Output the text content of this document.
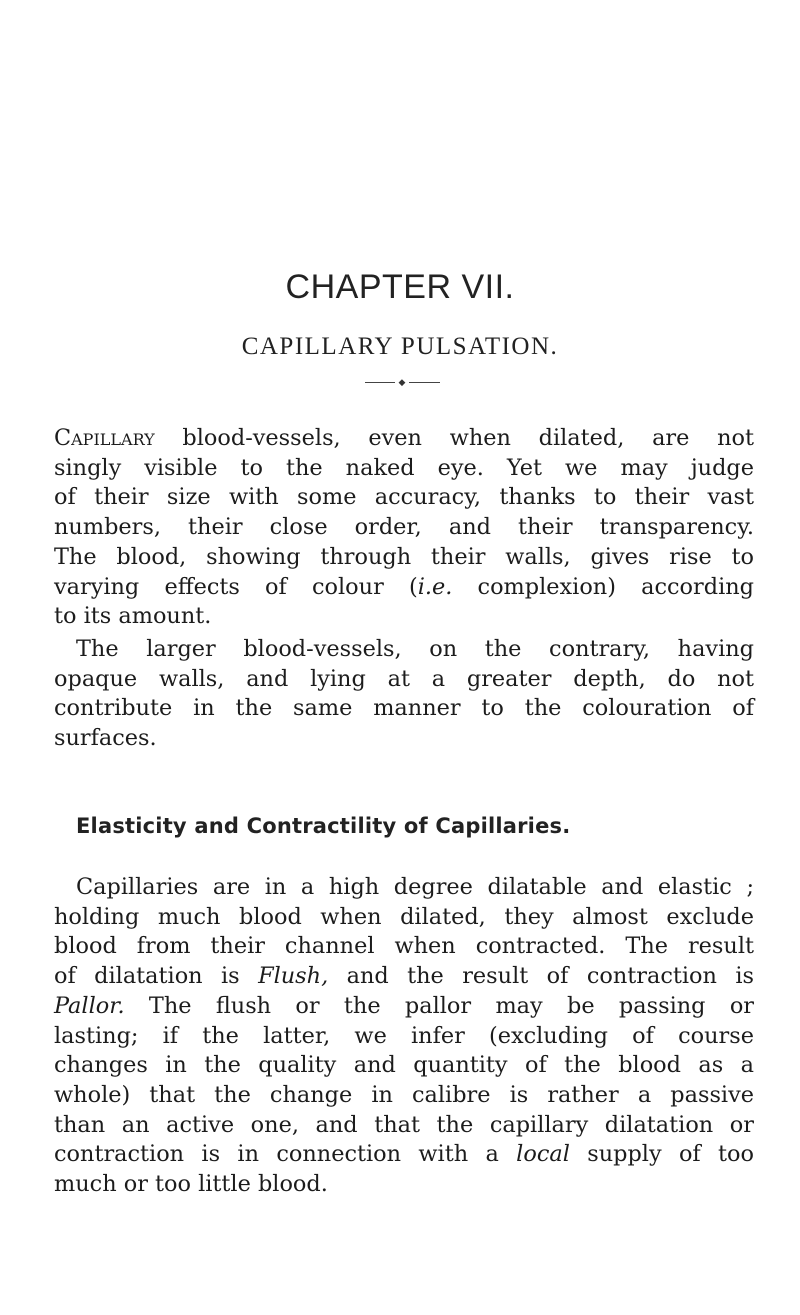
CHAPTER VII.
CAPILLARY PULSATION.
◆
Capillary blood-vessels, even when dilated, are not
singly visible to the naked eye. Yet we may judge
of their size with some accuracy, thanks to their vast
numbers, their close order, and their transparency.
The blood, showing through their walls, gives rise to
varying effects of colour (i.e. complexion) according
to its amount.
The larger blood-vessels, on the contrary, having
opaque walls, and lying at a greater depth, do not
contribute in the same manner to the colouration of
surfaces.
Elasticity and Contractility of Capillaries.
Capillaries are in a high degree dilatable and elastic ;
holding much blood when dilated, they almost exclude
blood from their channel when contracted. The result
of dilatation is Flush, and the result of contraction is
Pallor. The flush or the pallor may be passing or
lasting; if the latter, we infer (excluding of course
changes in the quality and quantity of the blood as a
whole) that the change in calibre is rather a passive
than an active one, and that the capillary dilatation or
contraction is in connection with a local supply of too
much or too little blood.
